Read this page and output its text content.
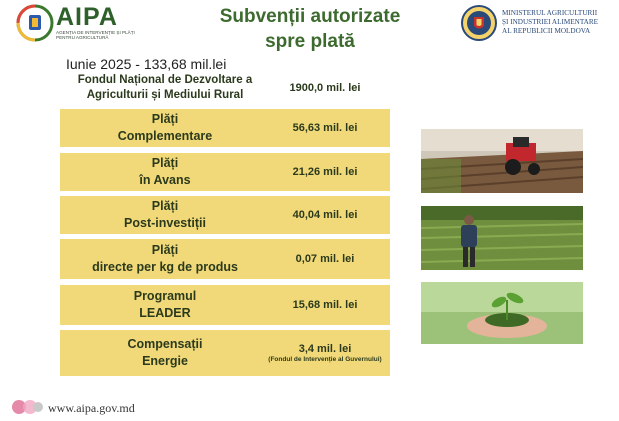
AIPA
AGENȚIA DE INTERVENȚIE ȘI PLĂȚI PENTRU AGRICULTURĂ
Subvenții autorizate
spre plată
MINISTERUL AGRICULTURII
ȘI INDUSTRIEI ALIMENTARE
AL REPUBLICII MOLDOVA
Iunie 2025 - 133,68 mil.lei
Fondul Național de Dezvoltare a
Agriculturii și Mediului Rural
1900,0 mil. lei
Plăți
Complementare
56,63 mil. lei
Plăți
în Avans
21,26 mil. lei
Plăți
Post-investiții
40,04 mil. lei
Plăți
directe per kg de produs
0,07 mil. lei
Programul
LEADER
15,68 mil. lei
Compensații
Energie
3,4 mil. lei
(Fondul de Intervenție al Guvernului)
www.aipa.gov.md
